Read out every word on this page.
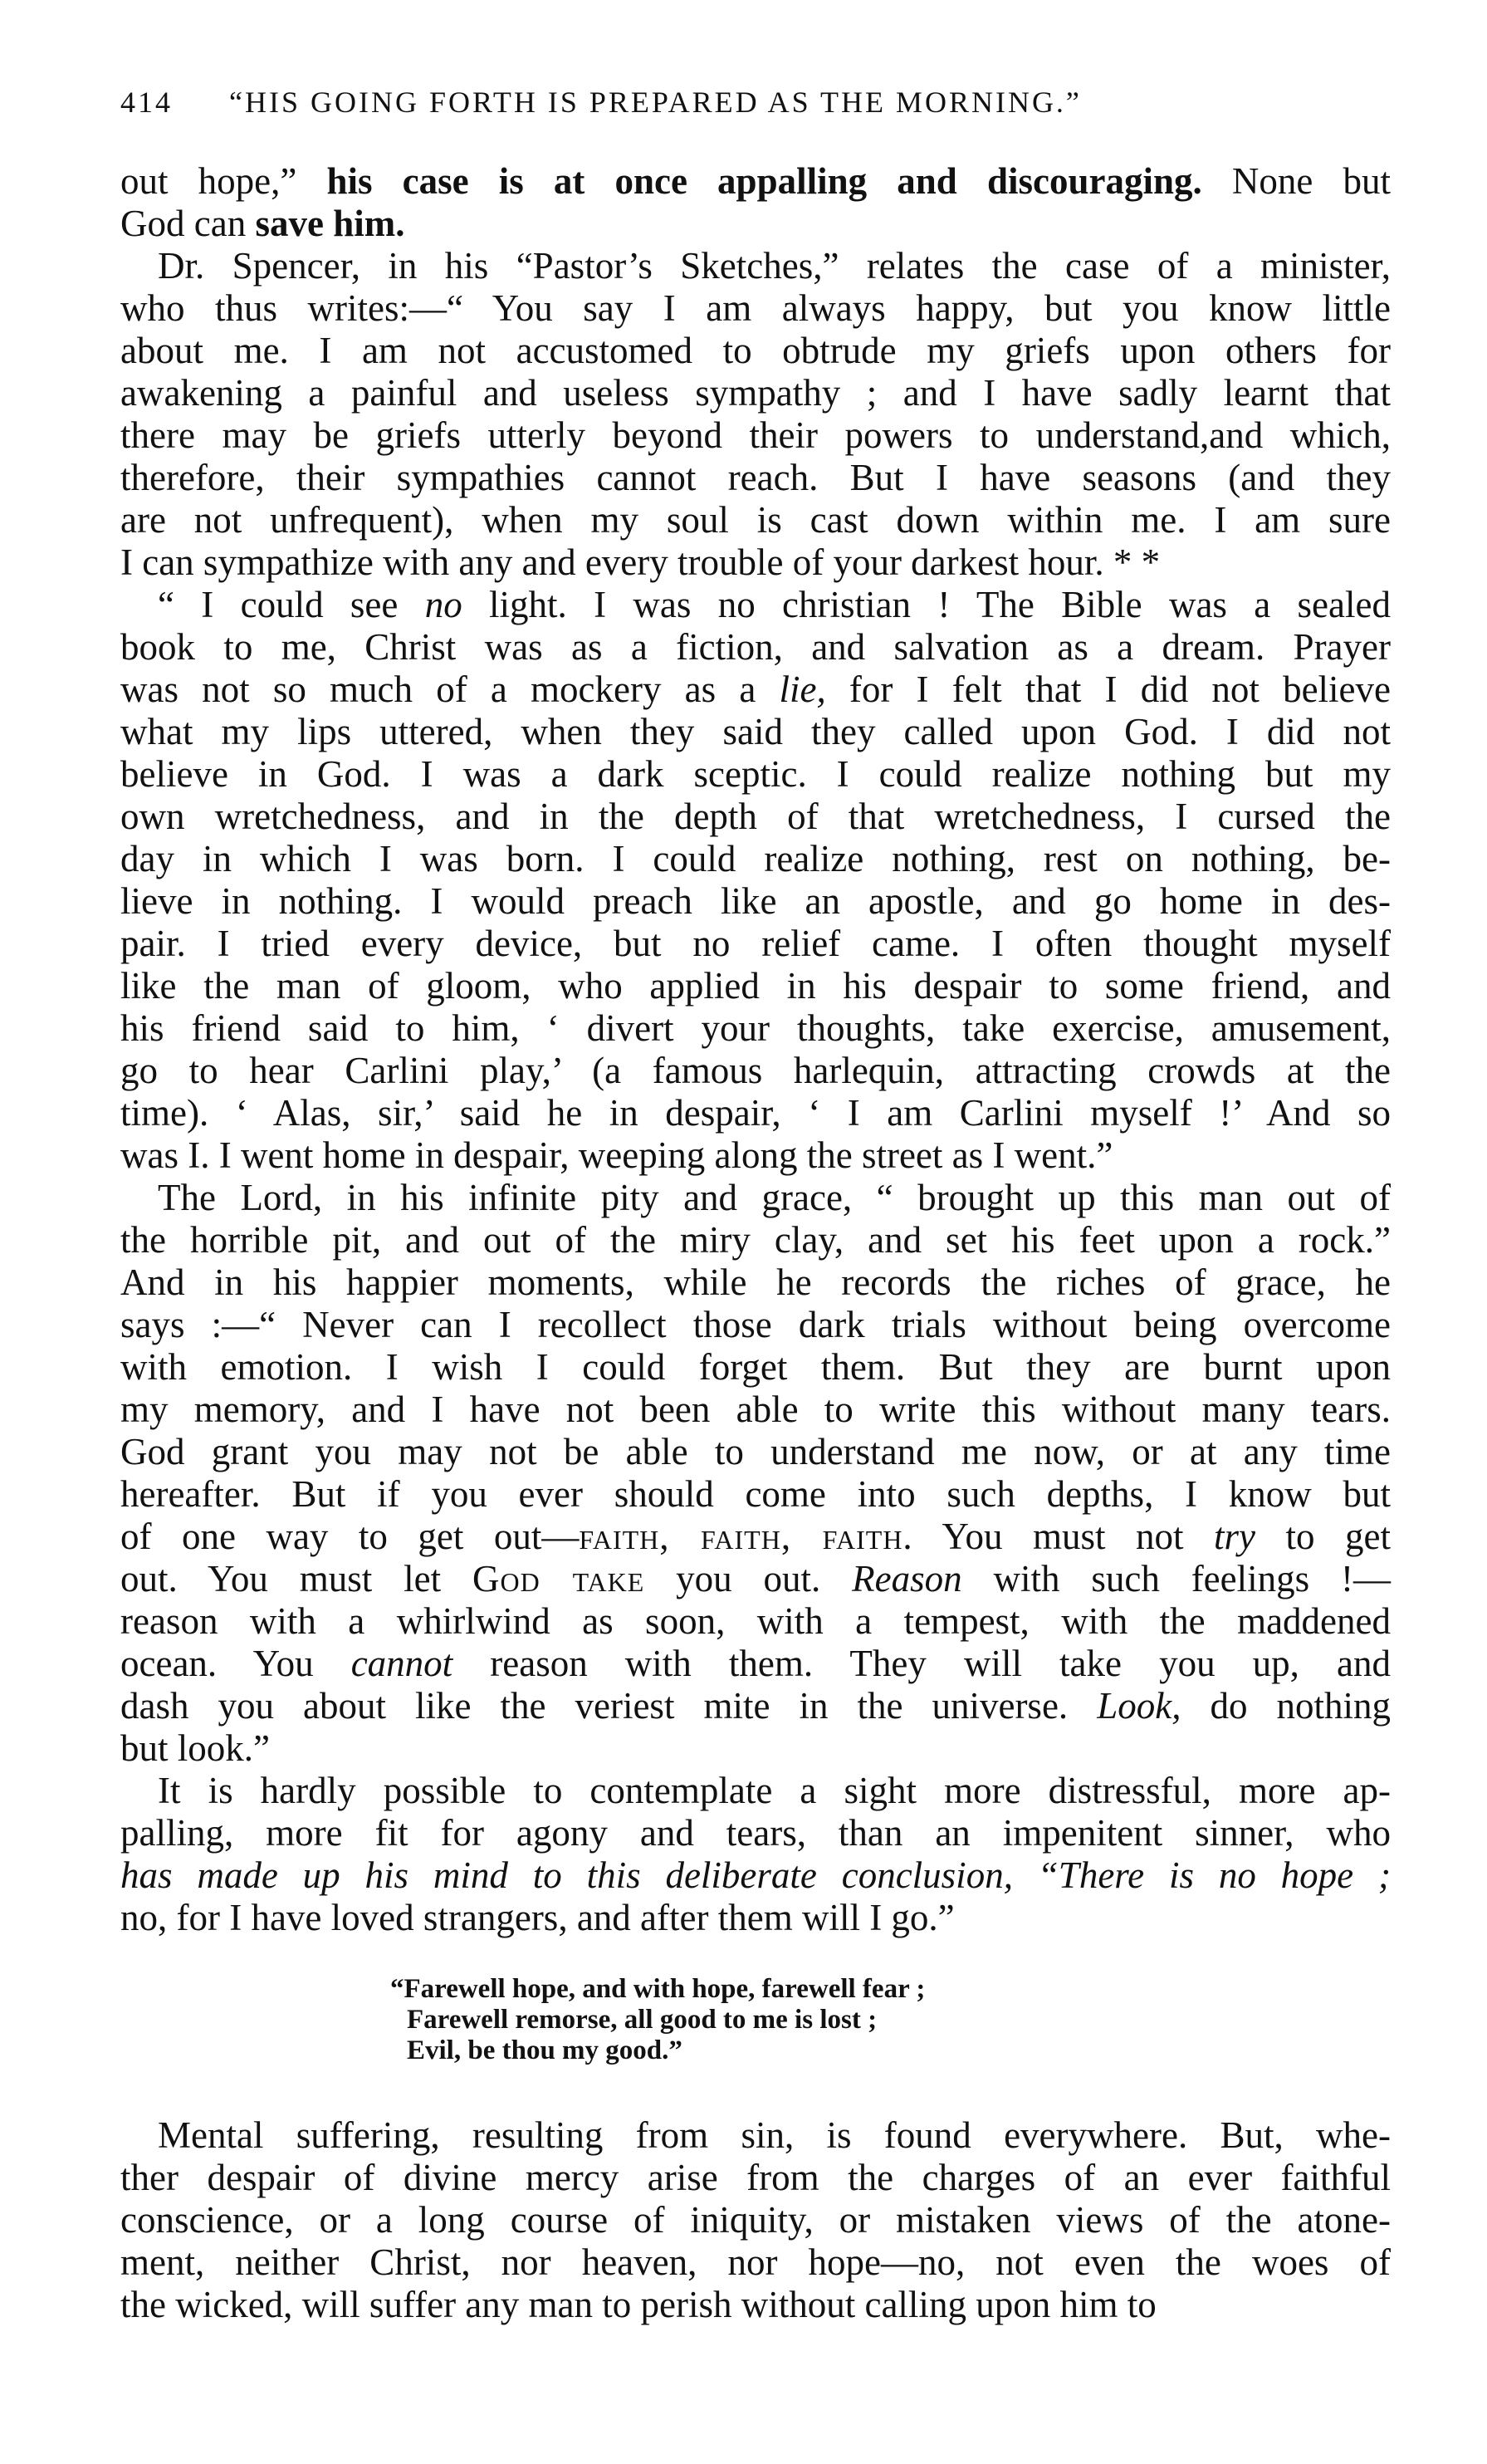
414 “HIS GOING FORTH IS PREPARED AS THE MORNING.”
out hope,” his case is at once appalling and discouraging. None but
God can save him.
Dr. Spencer, in his “Pastor’s Sketches,” relates the case of a minister,
who thus writes:—“ You say I am always happy, but you know little
about me. I am not accustomed to obtrude my griefs upon others for
awakening a painful and useless sympathy ; and I have sadly learnt that
there may be griefs utterly beyond their powers to understand,and which,
therefore, their sympathies cannot reach. But I have seasons (and they
are not unfrequent), when my soul is cast down within me. I am sure
I can sympathize with any and every trouble of your darkest hour. * *
“ I could see no light. I was no christian ! The Bible was a sealed
book to me, Christ was as a fiction, and salvation as a dream. Prayer
was not so much of a mockery as a lie, for I felt that I did not believe
what my lips uttered, when they said they called upon God. I did not
believe in God. I was a dark sceptic. I could realize nothing but my
own wretchedness, and in the depth of that wretchedness, I cursed the
day in which I was born. I could realize nothing, rest on nothing, be-
lieve in nothing. I would preach like an apostle, and go home in des-
pair. I tried every device, but no relief came. I often thought myself
like the man of gloom, who applied in his despair to some friend, and
his friend said to him, ‘ divert your thoughts, take exercise, amusement,
go to hear Carlini play,’ (a famous harlequin, attracting crowds at the
time). ‘ Alas, sir,’ said he in despair, ‘ I am Carlini myself !’ And so
was I. I went home in despair, weeping along the street as I went.”
The Lord, in his infinite pity and grace, “ brought up this man out of
the horrible pit, and out of the miry clay, and set his feet upon a rock.”
And in his happier moments, while he records the riches of grace, he
says :—“ Never can I recollect those dark trials without being overcome
with emotion. I wish I could forget them. But they are burnt upon
my memory, and I have not been able to write this without many tears.
God grant you may not be able to understand me now, or at any time
hereafter. But if you ever should come into such depths, I know but
of one way to get out—faith, faith, faith. You must not try to get
out. You must let God take you out. Reason with such feelings !—
reason with a whirlwind as soon, with a tempest, with the maddened
ocean. You cannot reason with them. They will take you up, and
dash you about like the veriest mite in the universe. Look, do nothing
but look.”
It is hardly possible to contemplate a sight more distressful, more ap-
palling, more fit for agony and tears, than an impenitent sinner, who
has made up his mind to this deliberate conclusion, “There is no hope ;
no, for I have loved strangers, and after them will I go.”
“Farewell hope, and with hope, farewell fear ;
Farewell remorse, all good to me is lost ;
Evil, be thou my good.”
Mental suffering, resulting from sin, is found everywhere. But, whe-
ther despair of divine mercy arise from the charges of an ever faithful
conscience, or a long course of iniquity, or mistaken views of the atone-
ment, neither Christ, nor heaven, nor hope—no, not even the woes of
the wicked, will suffer any man to perish without calling upon him to
